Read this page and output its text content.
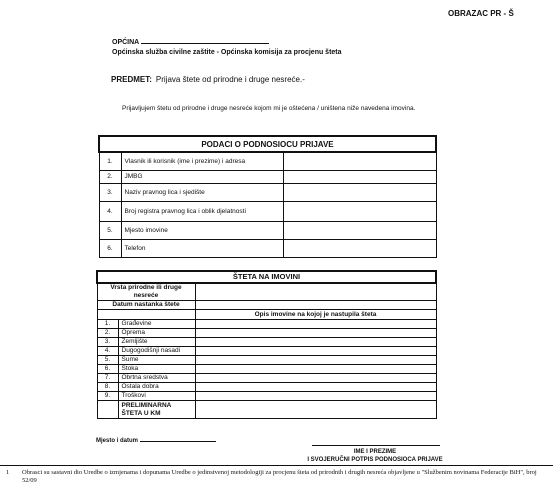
OBRAZAC PR - Š
OPĆINA
Općinska služba civilne zaštite - Općinska komisija za procjenu šteta
PREDMET: Prijava štete od prirodne i druge nesreće.-
Prijavljujem štetu od prirodne i druge nesreće kojom mi je oštećena / uništena niže navedena imovina.
PODACI O PODNOSIOCU PRIJAVE		
1.	Vlasnik ili korisnik (ime i prezime) i adresa	
2.	JMBG	
3.	Naziv pravnog lica i sjedište	
4.	Broj registra pravnog lica i oblik djelatnosti	
5.	Mjesto imovine	
6.	Telefon	
ŠTETA NA IMOVINI		
Vrsta prirodne ili druge nesreće		
Datum nastanka štete		
		Opis imovine na kojoj je nastupila šteta
1.	Građevine	
2.	Oprema	
3.	Zemljište	
4.	Dugogodišnji nasadi	
5.	Šume	
6.	Stoka	
7.	Obrtna sredstva	
8.	Ostala dobra	
9.	Troškovi	
	PRELIMINARNA ŠTETA U KM	
Mjesto i datum
IME I PREZIME
I SVOJERUČNI POTPIS PODNOSIOCA PRIJAVE
1 Obrasci su sastavni dio Uredbe o izmjenama i dopunama Uredbe o jedinstvenoj metodologiji za procjenu šteta od prirodnih i drugih nesreća objavljene u "Službenim novinama Federacije BiH", broj 52/09
